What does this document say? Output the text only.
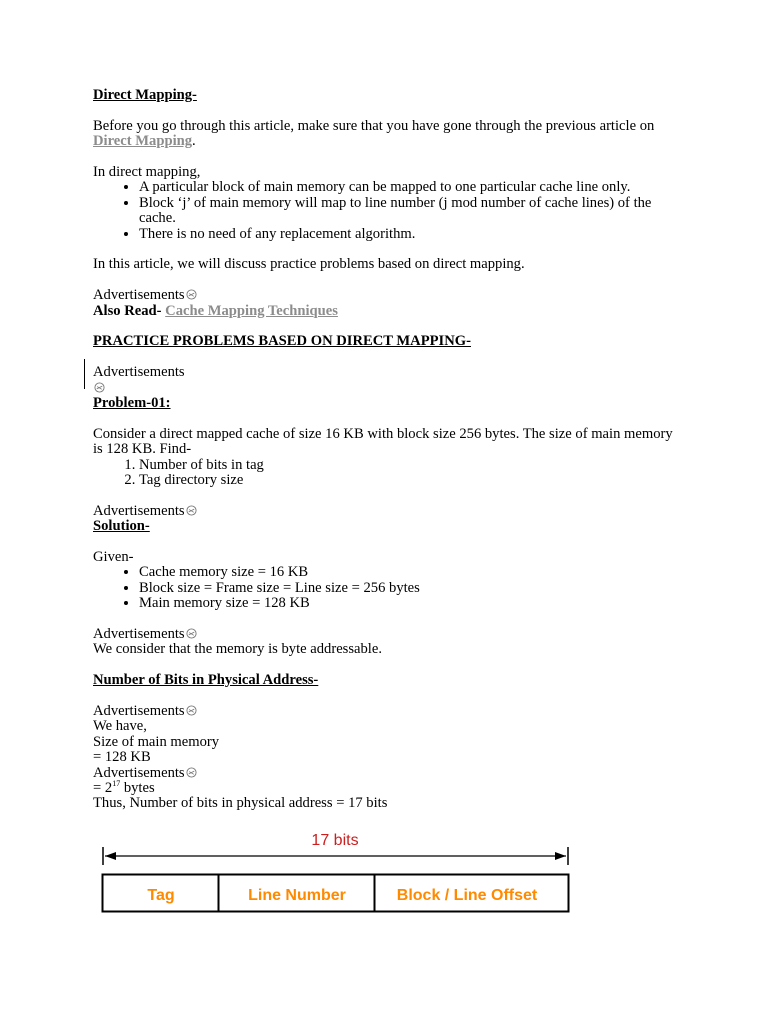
Direct Mapping-

Before you go through this article, make sure that you have gone through the previous article on Direct Mapping.

In direct mapping,

• A particular block of main memory can be mapped to one particular cache line only.
• Block ‘j’ of main memory will map to line number (j mod number of cache lines) of the cache.
• There is no need of any replacement algorithm.

In this article, we will discuss practice problems based on direct mapping.

Advertisements

Also Read- Cache Mapping Techniques

PRACTICE PROBLEMS BASED ON DIRECT MAPPING-

Advertisements

Problem-01:

Consider a direct mapped cache of size 16 KB with block size 256 bytes. The size of main memory is 128 KB. Find-

1. Number of bits in tag
2. Tag directory size

Advertisements

Solution-

Given-

• Cache memory size = 16 KB
• Block size = Frame size = Line size = 256 bytes
• Main memory size = 128 KB

Advertisements

We consider that the memory is byte addressable.

Number of Bits in Physical Address-

Advertisements

We have,

Size of main memory

= 128 KB

Advertisements

= $2^{17}$ bytes

Thus, Number of bits in physical address = 17 bits

17 bits
Tag	Line Number	Block / Line Offset
